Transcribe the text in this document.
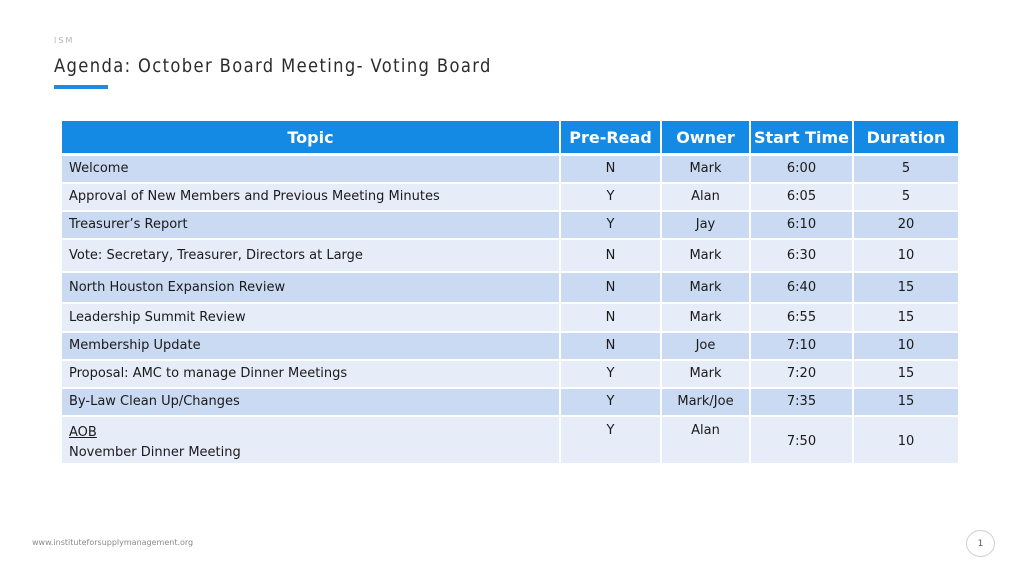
ISM
Agenda: October Board Meeting- Voting Board
Topic	Pre-Read	Owner	Start Time	Duration
Welcome	N	Mark	6:00	5
Approval of New Members and Previous Meeting Minutes	Y	Alan	6:05	5
Treasurer’s Report	Y	Jay	6:10	20
Vote: Secretary, Treasurer, Directors at Large	N	Mark	6:30	10
North Houston Expansion Review	N	Mark	6:40	15
Leadership Summit Review	N	Mark	6:55	15
Membership Update	N	Joe	7:10	10
Proposal: AMC to manage Dinner Meetings	Y	Mark	7:20	15
By-Law Clean Up/Changes	Y	Mark/Joe	7:35	15
AOB
November Dinner Meeting	Y	Alan	7:50	10
www.instituteforsupplymanagement.org	1
